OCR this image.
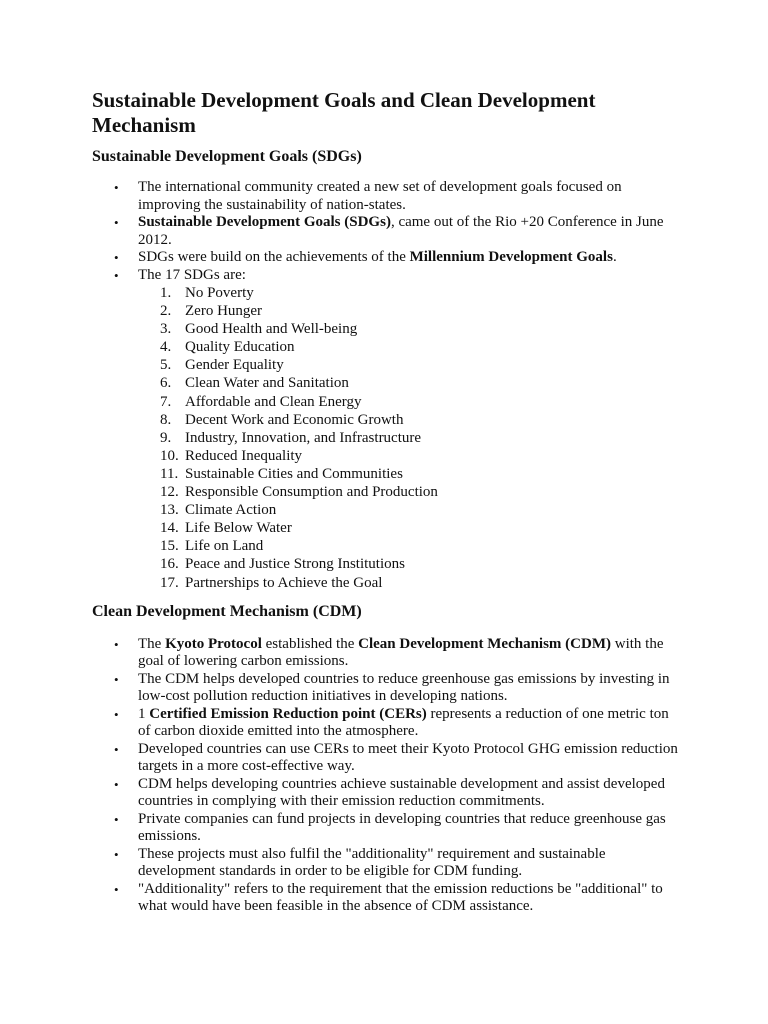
Sustainable Development Goals and Clean Development Mechanism
Sustainable Development Goals (SDGs)
• The international community created a new set of development goals focused on improving the sustainability of nation-states.
• Sustainable Development Goals (SDGs), came out of the Rio +20 Conference in June 2012.
• SDGs were build on the achievements of the Millennium Development Goals.
• The 17 SDGs are:
1. No Poverty
2. Zero Hunger
3. Good Health and Well-being
4. Quality Education
5. Gender Equality
6. Clean Water and Sanitation
7. Affordable and Clean Energy
8. Decent Work and Economic Growth
9. Industry, Innovation, and Infrastructure
10. Reduced Inequality
11. Sustainable Cities and Communities
12. Responsible Consumption and Production
13. Climate Action
14. Life Below Water
15. Life on Land
16. Peace and Justice Strong Institutions
17. Partnerships to Achieve the Goal
Clean Development Mechanism (CDM)
• The Kyoto Protocol established the Clean Development Mechanism (CDM) with the goal of lowering carbon emissions.
• The CDM helps developed countries to reduce greenhouse gas emissions by investing in low-cost pollution reduction initiatives in developing nations.
• 1 Certified Emission Reduction point (CERs) represents a reduction of one metric ton of carbon dioxide emitted into the atmosphere.
• Developed countries can use CERs to meet their Kyoto Protocol GHG emission reduction targets in a more cost-effective way.
• CDM helps developing countries achieve sustainable development and assist developed countries in complying with their emission reduction commitments.
• Private companies can fund projects in developing countries that reduce greenhouse gas emissions.
• These projects must also fulfil the "additionality" requirement and sustainable development standards in order to be eligible for CDM funding.
• "Additionality" refers to the requirement that the emission reductions be "additional" to what would have been feasible in the absence of CDM assistance.
